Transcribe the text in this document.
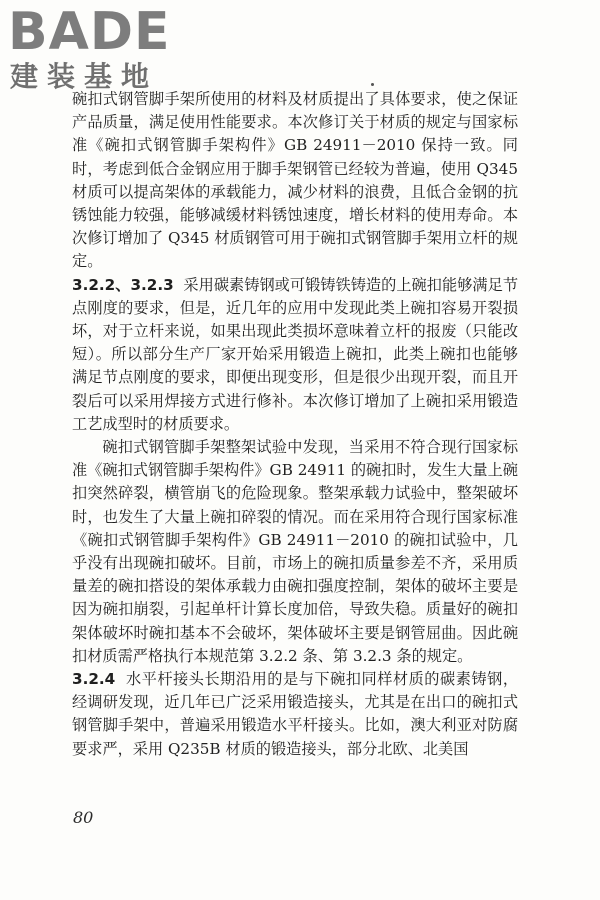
BADE
建装基地

碗扣式钢管脚手架所使用的材料及材质提出了具体要求，使之保证产品质量，满足使用性能要求。本次修订关于材质的规定与国家标准《碗扣式钢管脚手架构件》GB 24911－2010 保持一致。同时，考虑到低合金钢应用于脚手架钢管已经较为普遍，使用 Q345 材质可以提高架体的承载能力，减少材料的浪费，且低合金钢的抗锈蚀能力较强，能够减缓材料锈蚀速度，增长材料的使用寿命。本次修订增加了 Q345 材质钢管可用于碗扣式钢管脚手架用立杆的规定。

3.2.2、3.2.3 采用碳素铸钢或可锻铸铁铸造的上碗扣能够满足节点刚度的要求，但是，近几年的应用中发现此类上碗扣容易开裂损坏，对于立杆来说，如果出现此类损坏意味着立杆的报废（只能改短）。所以部分生产厂家开始采用锻造上碗扣，此类上碗扣也能够满足节点刚度的要求，即便出现变形，但是很少出现开裂，而且开裂后可以采用焊接方式进行修补。本次修订增加了上碗扣采用锻造工艺成型时的材质要求。

碗扣式钢管脚手架整架试验中发现，当采用不符合现行国家标准《碗扣式钢管脚手架构件》GB 24911 的碗扣时，发生大量上碗扣突然碎裂，横管崩飞的危险现象。整架承载力试验中，整架破坏时，也发生了大量上碗扣碎裂的情况。而在采用符合现行国家标准《碗扣式钢管脚手架构件》GB 24911－2010 的碗扣试验中，几乎没有出现碗扣破坏。目前，市场上的碗扣质量参差不齐，采用质量差的碗扣搭设的架体承载力由碗扣强度控制，架体的破坏主要是因为碗扣崩裂，引起单杆计算长度加倍，导致失稳。质量好的碗扣架体破坏时碗扣基本不会破坏，架体破坏主要是钢管屈曲。因此碗扣材质需严格执行本规范第 3.2.2 条、第 3.2.3 条的规定。

3.2.4 水平杆接头长期沿用的是与下碗扣同样材质的碳素铸钢，经调研发现，近几年已广泛采用锻造接头，尤其是在出口的碗扣式钢管脚手架中，普遍采用锻造水平杆接头。比如，澳大利亚对防腐要求严，采用 Q235B 材质的锻造接头，部分北欧、北美国

80
